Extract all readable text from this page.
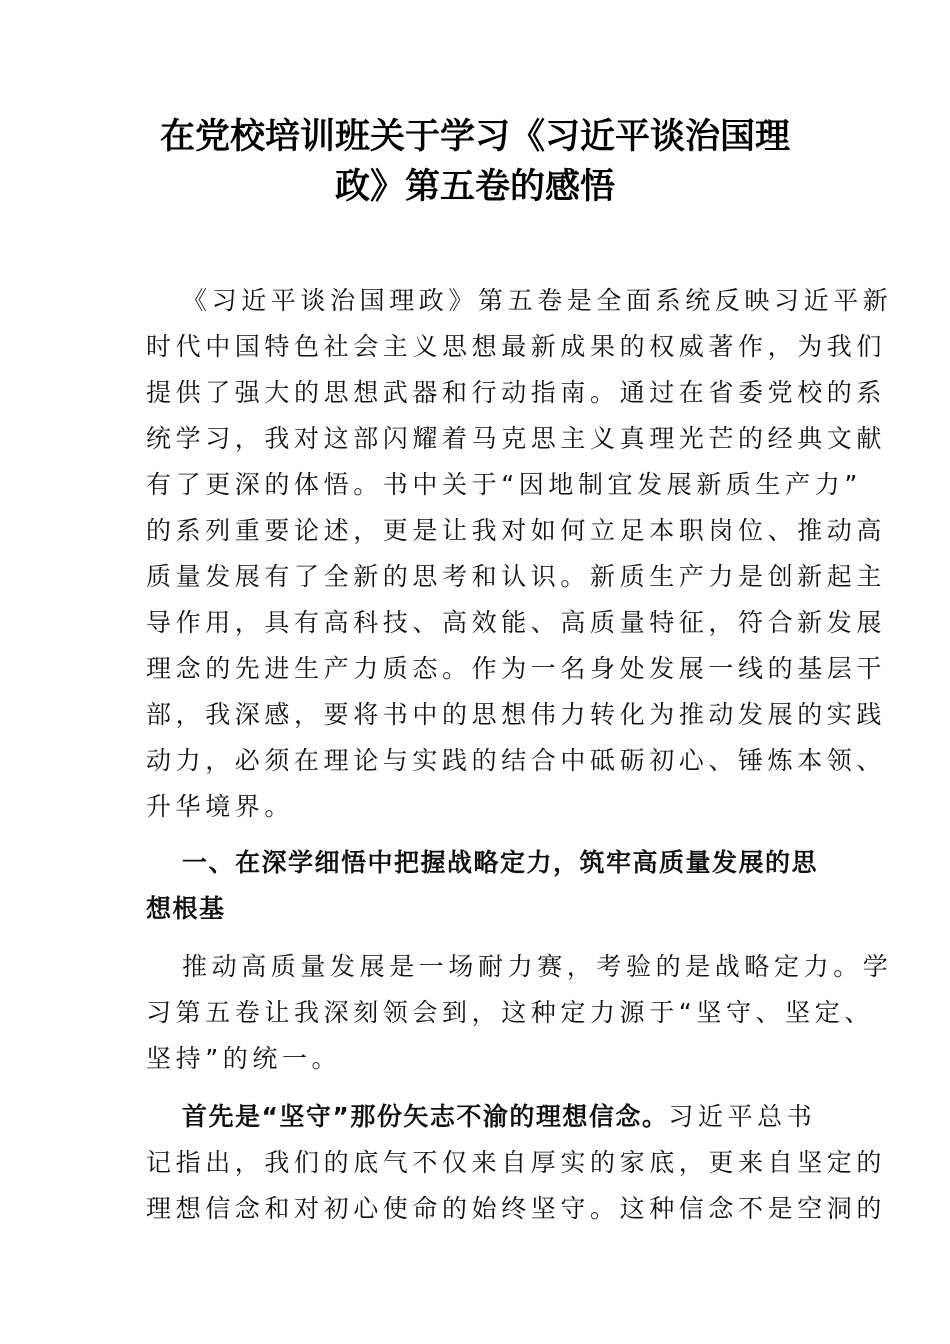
在党校培训班关于学习《习近平谈治国理
政》第五卷的感悟
《习近平谈治国理政》第五卷是全面系统反映习近平新
时代中国特色社会主义思想最新成果的权威著作，为我们
提供了强大的思想武器和行动指南。通过在省委党校的系
统学习，我对这部闪耀着马克思主义真理光芒的经典文献
有了更深的体悟。书中关于“因地制宜发展新质生产力”
的系列重要论述，更是让我对如何立足本职岗位、推动高
质量发展有了全新的思考和认识。新质生产力是创新起主
导作用，具有高科技、高效能、高质量特征，符合新发展
理念的先进生产力质态。作为一名身处发展一线的基层干
部，我深感，要将书中的思想伟力转化为推动发展的实践
动力，必须在理论与实践的结合中砥砺初心、锤炼本领、
升华境界。
一、在深学细悟中把握战略定力，筑牢高质量发展的思
想根基
推动高质量发展是一场耐力赛，考验的是战略定力。学
习第五卷让我深刻领会到，这种定力源于“坚守、坚定、
坚持”的统一。
首先是“坚守”那份矢志不渝的理想信念。习近平总书
记指出，我们的底气不仅来自厚实的家底，更来自坚定的
理想信念和对初心使命的始终坚守。这种信念不是空洞的
